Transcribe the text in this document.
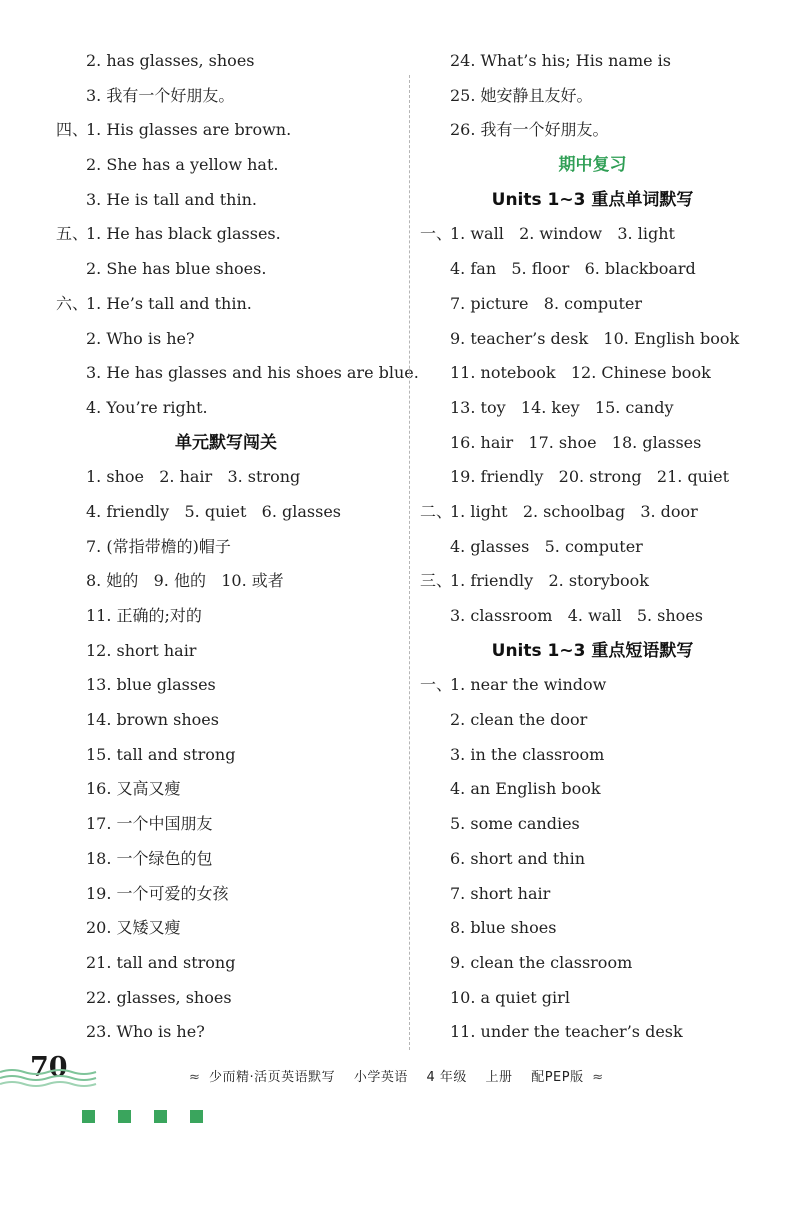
2. has glasses, shoes
3. 我有一个好朋友。
四、1. His glasses are brown.
2. She has a yellow hat.
3. He is tall and thin.
五、1. He has black glasses.
2. She has blue shoes.
六、1. He’s tall and thin.
2. Who is he?
3. He has glasses and his shoes are blue.
4. You’re right.
单元默写闯关
1. shoe   2. hair   3. strong
4. friendly   5. quiet   6. glasses
7. (常指带檐的)帽子
8. 她的   9. 他的   10. 或者
11. 正确的;对的
12. short hair
13. blue glasses
14. brown shoes
15. tall and strong
16. 又高又瘦
17. 一个中国朋友
18. 一个绿色的包
19. 一个可爱的女孩
20. 又矮又瘦
21. tall and strong
22. glasses, shoes
23. Who is he?
24. What’s his; His name is
25. 她安静且友好。
26. 我有一个好朋友。
期中复习
Units 1~3 重点单词默写
一、1. wall   2. window   3. light
4. fan   5. floor   6. blackboard
7. picture   8. computer
9. teacher’s desk   10. English book
11. notebook   12. Chinese book
13. toy   14. key   15. candy
16. hair   17. shoe   18. glasses
19. friendly   20. strong   21. quiet
二、1. light   2. schoolbag   3. door
4. glasses   5. computer
三、1. friendly   2. storybook
3. classroom   4. wall   5. shoes
Units 1~3 重点短语默写
一、1. near the window
2. clean the door
3. in the classroom
4. an English book
5. some candies
6. short and thin
7. short hair
8. blue shoes
9. clean the classroom
10. a quiet girl
11. under the teacher’s desk
70	≈ 少而精·活页英语默写 小学英语 4 年级 上册 配PEP版 ≈
